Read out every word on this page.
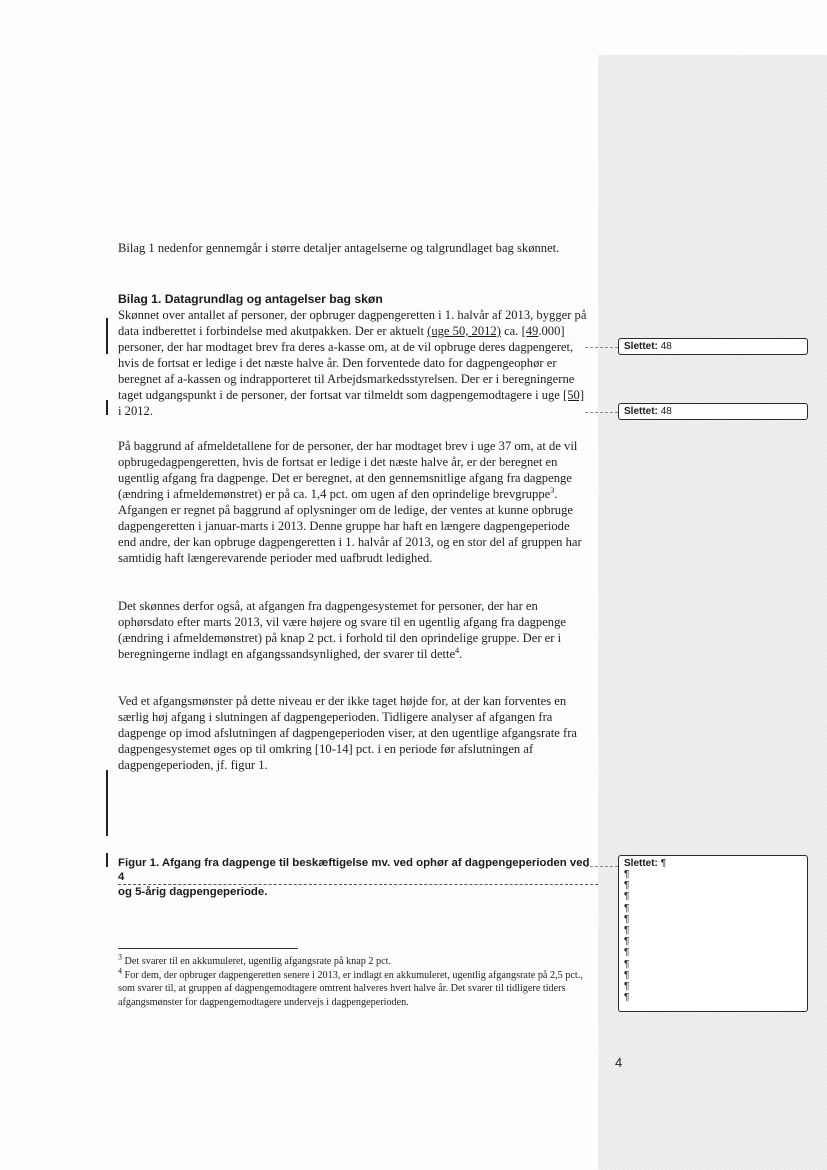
Bilag 1 nedenfor gennemgår i større detaljer antagelserne og talgrundlaget bag skønnet.

Bilag 1. Datagrundlag og antagelser bag skøn

Skønnet over antallet af personer, der opbruger dagpengeretten i 1. halvår af 2013, bygger på data indberettet i forbindelse med akutpakken. Der er aktuelt (uge 50, 2012) ca. [49.000] personer, der har modtaget brev fra deres a-kasse om, at de vil opbruge deres dagpengeret, hvis de fortsat er ledige i det næste halve år. Den forventede dato for dagpengeophør er beregnet af a-kassen og indrapporteret til Arbejdsmarkedsstyrelsen. Der er i beregningerne taget udgangspunkt i de personer, der fortsat var tilmeldt som dagpengemodtagere i uge [50] i 2012.

På baggrund af afmeldetallene for de personer, der har modtaget brev i uge 37 om, at de vil opbrugedagpengeretten, hvis de fortsat er ledige i det næste halve år, er der beregnet en ugentlig afgang fra dagpenge. Det er beregnet, at den gennemsnitlige afgang fra dagpenge (ændring i afmeldemønstret) er på ca. 1,4 pct. om ugen af den oprindelige brevgruppe$^3$. Afgangen er regnet på baggrund af oplysninger om de ledige, der ventes at kunne opbruge dagpengeretten i januar-marts i 2013. Denne gruppe har haft en længere dagpengeperiode end andre, der kan opbruge dagpengeretten i 1. halvår af 2013, og en stor del af gruppen har samtidig haft længerevarende perioder med uafbrudt ledighed.

Det skønnes derfor også, at afgangen fra dagpengesystemet for personer, der har en ophørsdato efter marts 2013, vil være højere og svare til en ugentlig afgang fra dagpenge (ændring i afmeldemønstret) på knap 2 pct. i forhold til den oprindelige gruppe. Der er i beregningerne indlagt en afgangssandsynlighed, der svarer til dette$^4$.

Ved et afgangsmønster på dette niveau er der ikke taget højde for, at der kan forventes en særlig høj afgang i slutningen af dagpengeperioden. Tidligere analyser af afgangen fra dagpenge op imod afslutningen af dagpengeperioden viser, at den ugentlige afgangsrate fra dagpengesystemet øges op til omkring [10-14] pct. i en periode før afslutningen af dagpengeperioden, jf. figur 1.

Figur 1. Afgang fra dagpenge til beskæftigelse mv. ved ophør af dagpengeperioden ved 4
og 5-årig dagpengeperiode.
$^3$ Det svarer til en akkumuleret, ugentlig afgangsrate på knap 2 pct.
$^4$ For dem, der opbruger dagpengeretten senere i 2013, er indlagt en akkumuleret, ugentlig afgangsrate på 2,5 pct., som svarer til, at gruppen af dagpengemodtagere omtrent halveres hvert halve år. Det svarer til tidligere tiders afgangsmønster for dagpengemodtagere undervejs i dagpengeperioden.
Slettet: 48
Slettet: 48
Slettet: ¶
¶
¶
¶
¶
¶
¶
¶
¶
¶
¶
¶
¶
4
